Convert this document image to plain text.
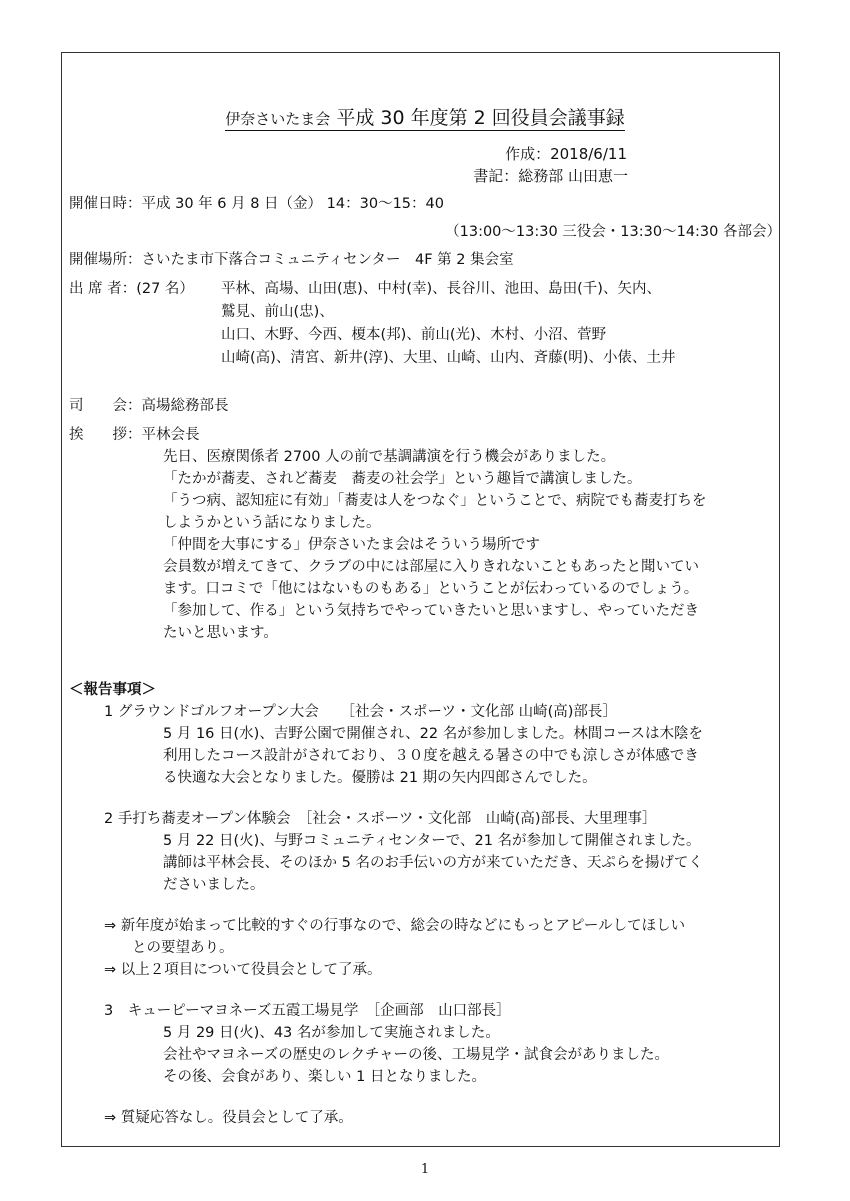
伊奈さいたま会 平成 30 年度第 2 回役員会議事録
作成：2018/6/11
書記：総務部 山田恵一
開催日時：平成 30 年 6 月 8 日（金） 14：30～15：40
（13:00～13:30 三役会・13:30～14:30 各部会）
開催場所：さいたま市下落合コミュニティセンター　4F 第 2 集会室
出 席 者：(27 名） 平林、高場、山田(恵)、中村(幸)、長谷川、池田、島田(千)、矢内、
鷲見、前山(忠)、
山口、木野、今西、榎本(邦)、前山(光)、木村、小沼、菅野
山崎(高)、清宮、新井(淳)、大里、山崎、山内、斉藤(明)、小俵、土井
司　　会：高場総務部長
挨　　拶：平林会長
先日、医療関係者 2700 人の前で基調講演を行う機会がありました。
「たかが蕎麦、されど蕎麦　蕎麦の社会学」という趣旨で講演しました。
「うつ病、認知症に有効」「蕎麦は人をつなぐ」ということで、病院でも蕎麦打ちを
しようかという話になりました。
「仲間を大事にする」伊奈さいたま会はそういう場所です
会員数が増えてきて、クラブの中には部屋に入りきれないこともあったと聞いてい
ます。口コミで「他にはないものもある」ということが伝わっているのでしょう。
「参加して、作る」という気持ちでやっていきたいと思いますし、やっていただき
たいと思います。
＜報告事項＞
1 グラウンドゴルフオープン大会　　［社会・スポーツ・文化部 山崎(高)部長］
5 月 16 日(水)、吉野公園で開催され、22 名が参加しました。林間コースは木陰を
利用したコース設計がされており、３０度を越える暑さの中でも涼しさが体感でき
る快適な大会となりました。優勝は 21 期の矢内四郎さんでした。
2 手打ち蕎麦オープン体験会　［社会・スポーツ・文化部　山崎(高)部長、大里理事］
5 月 22 日(火)、与野コミュニティセンターで、21 名が参加して開催されました。
講師は平林会長、そのほか 5 名のお手伝いの方が来ていただき、天ぷらを揚げてく
ださいました。
⇒ 新年度が始まって比較的すぐの行事なので、総会の時などにもっとアピールしてほしい
との要望あり。
⇒ 以上２項目について役員会として了承。
3　キューピーマヨネーズ五霞工場見学　［企画部　山口部長］
5 月 29 日(火)、43 名が参加して実施されました。
会社やマヨネーズの歴史のレクチャーの後、工場見学・試食会がありました。
その後、会食があり、楽しい 1 日となりました。
⇒ 質疑応答なし。役員会として了承。
1
